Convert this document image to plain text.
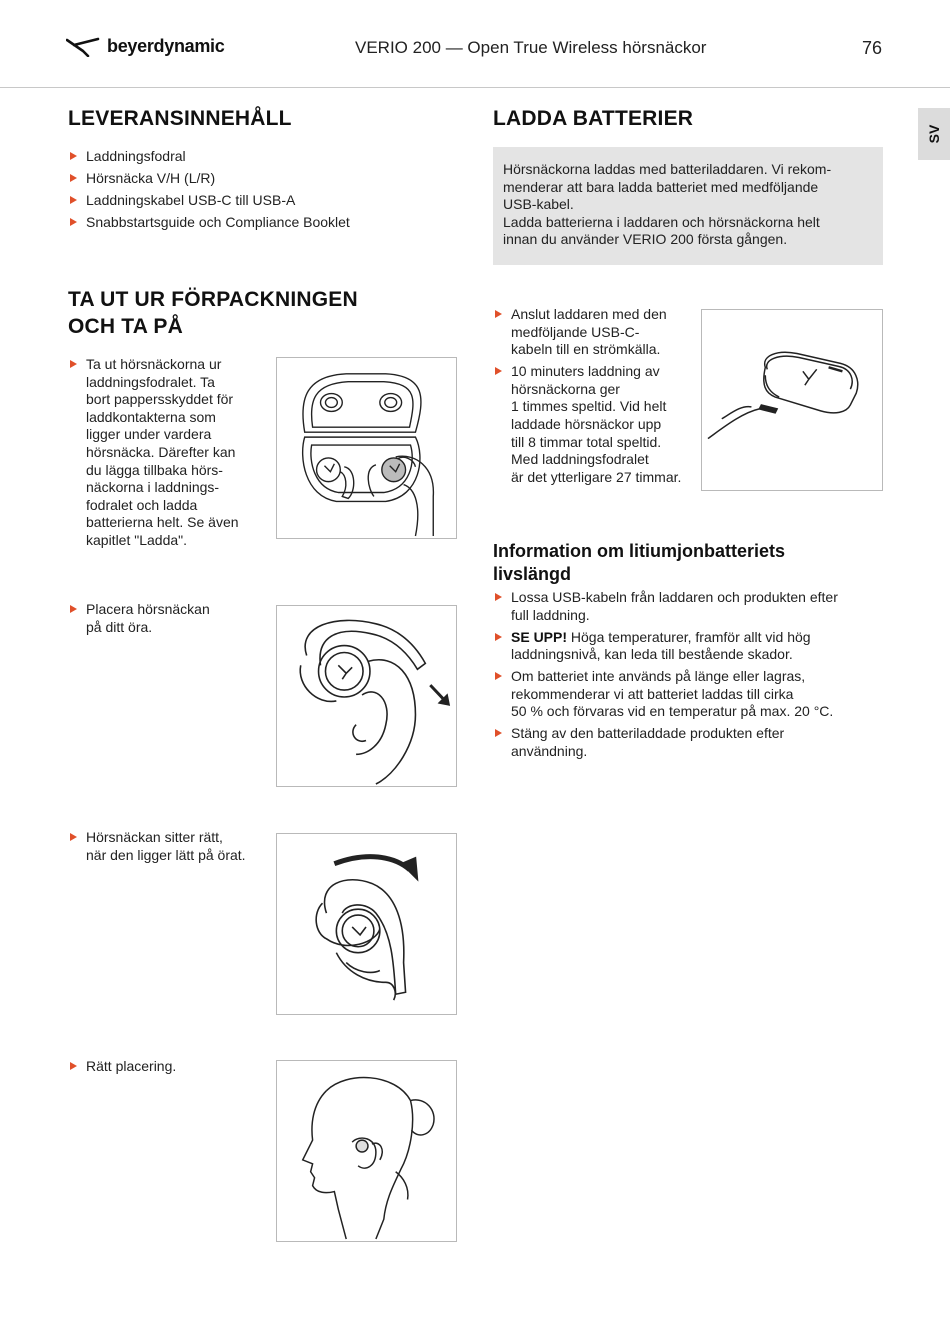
beyerdynamic	VERIO 200 — Open True Wireless hörsnäckor	76
SV
LEVERANSINNEHÅLL
Laddningsfodral
Hörsnäcka V/H (L/R)
Laddningskabel USB-C till USB-A
Snabbstartsguide och Compliance Booklet
TA UT UR FÖRPACKNINGEN
OCH TA PÅ
Ta ut hörsnäckorna ur
laddningsfodralet. Ta
bort pappersskyddet för
laddkontakterna som
ligger under vardera
hörsnäcka. Därefter kan
du lägga tillbaka hörs-
näckorna i laddnings-
fodralet och ladda
batterierna helt. Se även
kapitlet "Ladda".
Placera hörsnäckan
på ditt öra.
Hörsnäckan sitter rätt,
när den ligger lätt på örat.
Rätt placering.
LADDA BATTERIER

Hörsnäckorna laddas med batteriladdaren. Vi rekom-

menderar att bara ladda batteriet med medföljande

USB-kabel.

Ladda batterierna i laddaren och hörsnäckorna helt

innan du använder VERIO 200 första gången.

Anslut laddaren med den
medföljande USB-C-
kabeln till en strömkälla.
10 minuters laddning av
hörsnäckorna ger
1 timmes speltid. Vid helt
laddade hörsnäckor upp
till 8 timmar total speltid.
Med laddningsfodralet
är det ytterligare 27 timmar.
Information om litiumjonbatteriets
livslängd
Lossa USB-kabeln från laddaren och produkten efter
full laddning.
SE UPP! Höga temperaturer, framför allt vid hög
laddningsnivå, kan leda till bestående skador.
Om batteriet inte används på länge eller lagras,
rekommenderar vi att batteriet laddas till cirka
50 % och förvaras vid en temperatur på max. 20 °C.
Stäng av den batteriladdade produkten efter
användning.
